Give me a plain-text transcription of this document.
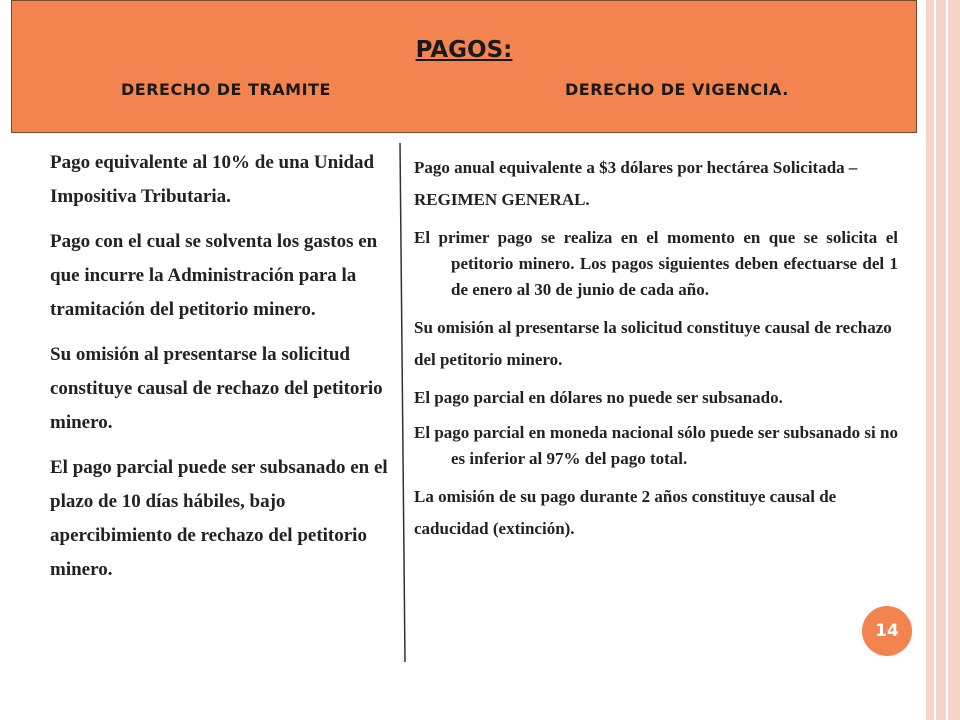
PAGOS:
DERECHO DE TRAMITE	DERECHO DE VIGENCIA.

Pago equivalente al 10% de una Unidad Impositiva Tributaria.

Pago con el cual se solventa los gastos en que incurre la Administración para la tramitación del petitorio minero.

Su omisión al presentarse la solicitud constituye causal de rechazo del petitorio minero.

El pago parcial puede ser subsanado en el plazo de 10 días hábiles, bajo apercibimiento de rechazo del petitorio minero.

Pago anual equivalente a $3 dólares por hectárea Solicitada – REGIMEN GENERAL.

El primer pago se realiza en el momento en que se solicita el petitorio minero. Los pagos siguientes deben efectuarse del 1 de enero al 30 de junio de cada año.

Su omisión al presentarse la solicitud constituye causal de rechazo del petitorio minero.

El pago parcial en dólares no puede ser subsanado.

El pago parcial en moneda nacional sólo puede ser subsanado si no es inferior al 97% del pago total.

La omisión de su pago durante 2 años constituye causal de caducidad (extinción).

14
